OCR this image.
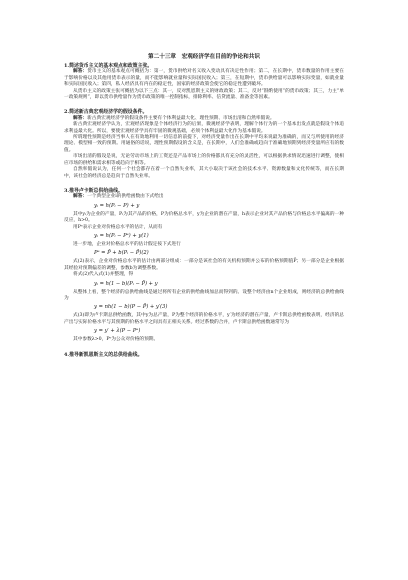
第二十三章　宏观经济学在目前的争论和共识

1.简述货币主义的基本观点和政策主张。

解答：货币主义的基本观点可概括为：第一，货币供给对名义收入变动具有决定性作用；第二，在长期中，货币数量的作用主要在于影响价格以及其他用货币表示的量，而不能影响就业量和实际国民收入；第三，在短期中，货币供给量可以影响实际变量，如就业量和实际国民收入；第四，私人经济具有内在的稳定性，国家的经济政策会使它的稳定性遭到破坏。

从货币主义的政策主张可概括为以下三点：其一，反对凯恩斯主义的财政政策；其二，反对“斟酌使用”的货币政策；其三，力主“单一政策规则”，即以货币供给量作为货币政策的唯一控制指标，排除利率、信贷流量、准备金等因素。

2.简述新古典宏观经济学的假设条件。

解答：新古典宏观经济学的假设条件主要有个体利益最大化、理性预期、市场出清和自然率假说。

新古典宏观经济学认为，宏观经济现象是个体经济行为的后果，微观经济学表明，理解个体行为的一个基本出发点就是假设个体追求利益最大化。所以，要使宏观经济学具有牢固的微观基础，必须个体利益最大化作为基本假说。

所谓理性预期是经济当事人在有效地利用一切信息的前提下，对经济变量作出在长期中平均来说最为准确的，而又与所使用的经济理论、模型相一致的预期。用通俗的话说，理性预期假设的含义是，在长期中，人们会准确或趋向于准确地预期到经济变量所应有的数值。

市场出清的假设是说，无论劳动市场上的工资还是产品市场上的价格都具有充分的灵活性，可以根据供求情况迅速进行调整，使相应市场的供给和需求相等或趋向于相等。

自然率假说认为，任何一个社会都存在着一个自然失业率，其大小取决于该社会的技术水平、资源数量和文化传统等，而在长期中，该社会的经济总是趋向于自然失业率。

3.推导卢卡斯总供给曲线。

解答：一个典型企业i的供给函数由下式给出

yᵢ = h(Pᵢ − P) + y

其中yᵢ为企业的产量，Pᵢ为其产品的价格，P为价格总水平，y为企业的潜在产量，h表示企业对其产品价格与价格总水平偏离的一种反应，h>0。

用Pᵉ表示企业对价格总水平的估计，从而有

yᵢ = h(Pᵢ − Pᵉ) + y(1)

进一步地，企业对价格总水平的估计假定按下式进行

Pᵉ = P̄ + b(Pᵢ − P̄)(2)

式(2)表示，企业对价格总水平的估计由两部分组成：一部分是该社会的有关机构预期并公布的价格预期值P̄；另一部分是企业根据其经验对预期偏差的调整，参数b为调整系数。

将式(2)代入式(1)并整理，得

yᵢ = h(1 − b)(Pᵢ − P̄) + y

从整体上看，整个经济的总供给曲线是通过将所有企业的供给曲线加总而得到的。设整个经济由n个企业组成，则经济的总供给曲线为

y = nh(1 − b)(P − P̄) + y′(3)

式(3)即为卢卡斯总供给函数，其中y为总产量，P为整个经济的价格水平，y′为经济的潜在产量，卢卡斯总供给函数表明，经济的总产出与实际价格水平与其预期的价格水平之间具有正相关关系。经过系数的合并，卢卡斯总供给函数通常写为

y = y′ + λ(P − Pᵉ)

其中参数λ>0，Pᵉ为公众对价格的预期。

4.推导新凯恩斯主义的总供给曲线。
